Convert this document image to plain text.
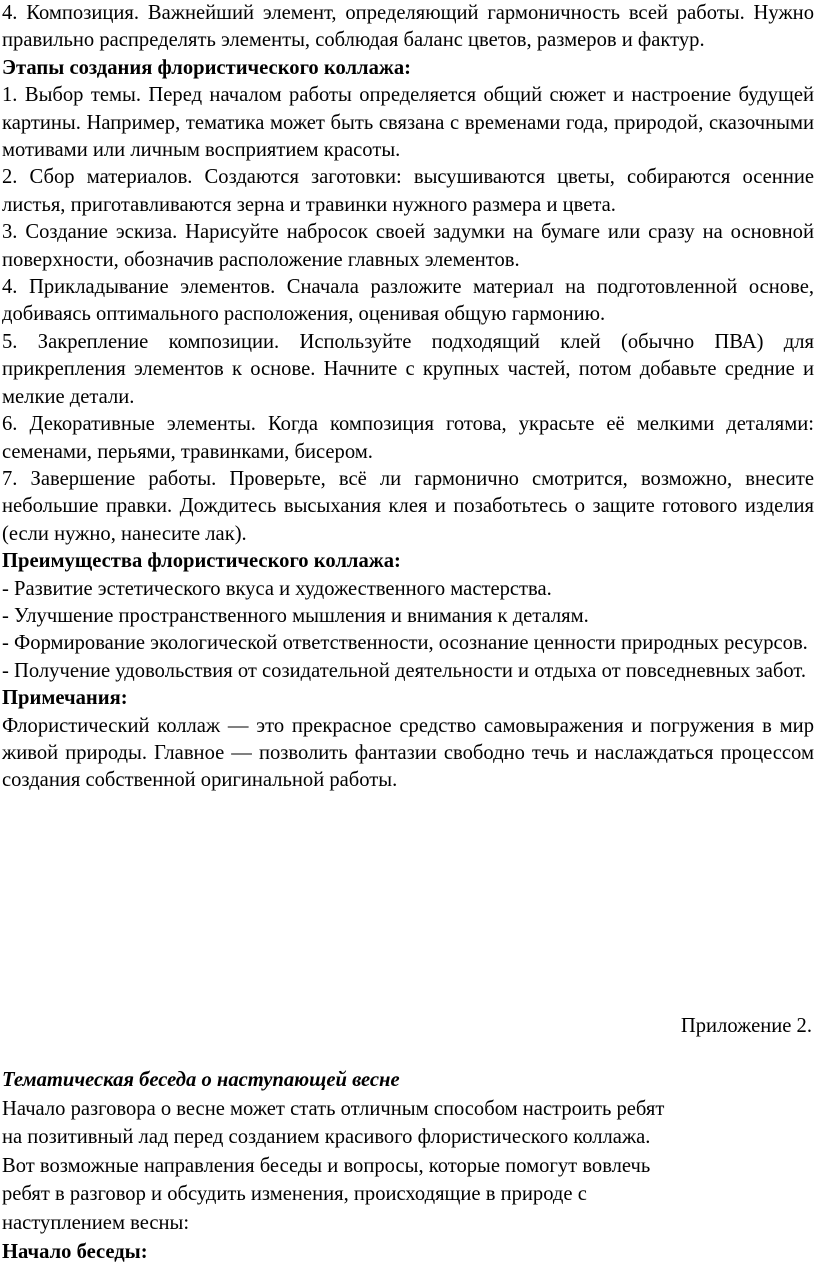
4. Композиция. Важнейший элемент, определяющий гармоничность всей работы. Нужно правильно распределять элементы, соблюдая баланс цветов, размеров и фактур.

Этапы создания флористического коллажа:

1. Выбор темы. Перед началом работы определяется общий сюжет и настроение будущей картины. Например, тематика может быть связана с временами года, природой, сказочными мотивами или личным восприятием красоты.

2. Сбор материалов. Создаются заготовки: высушиваются цветы, собираются осенние листья, приготавливаются зерна и травинки нужного размера и цвета.

3. Создание эскиза. Нарисуйте набросок своей задумки на бумаге или сразу на основной поверхности, обозначив расположение главных элементов.

4. Прикладывание элементов. Сначала разложите материал на подготовленной основе, добиваясь оптимального расположения, оценивая общую гармонию.

5. Закрепление композиции. Используйте подходящий клей (обычно ПВА) для прикрепления элементов к основе. Начните с крупных частей, потом добавьте средние и мелкие детали.

6. Декоративные элементы. Когда композиция готова, украсьте её мелкими деталями: семенами, перьями, травинками, бисером.

7. Завершение работы. Проверьте, всё ли гармонично смотрится, возможно, внесите небольшие правки. Дождитесь высыхания клея и позаботьтесь о защите готового изделия (если нужно, нанесите лак).

Преимущества флористического коллажа:

- Развитие эстетического вкуса и художественного мастерства.

- Улучшение пространственного мышления и внимания к деталям.

- Формирование экологической ответственности, осознание ценности природных ресурсов.

- Получение удовольствия от созидательной деятельности и отдыха от повседневных забот.

Примечания:

Флористический коллаж — это прекрасное средство самовыражения и погружения в мир живой природы. Главное — позволить фантазии свободно течь и наслаждаться процессом создания собственной оригинальной работы.

Приложение 2.

Тематическая беседа о наступающей весне

Начало разговора о весне может стать отличным способом настроить ребят

на позитивный лад перед созданием красивого флористического коллажа.

Вот возможные направления беседы и вопросы, которые помогут вовлечь

ребят в разговор и обсудить изменения, происходящие в природе с

наступлением весны:

Начало беседы:
